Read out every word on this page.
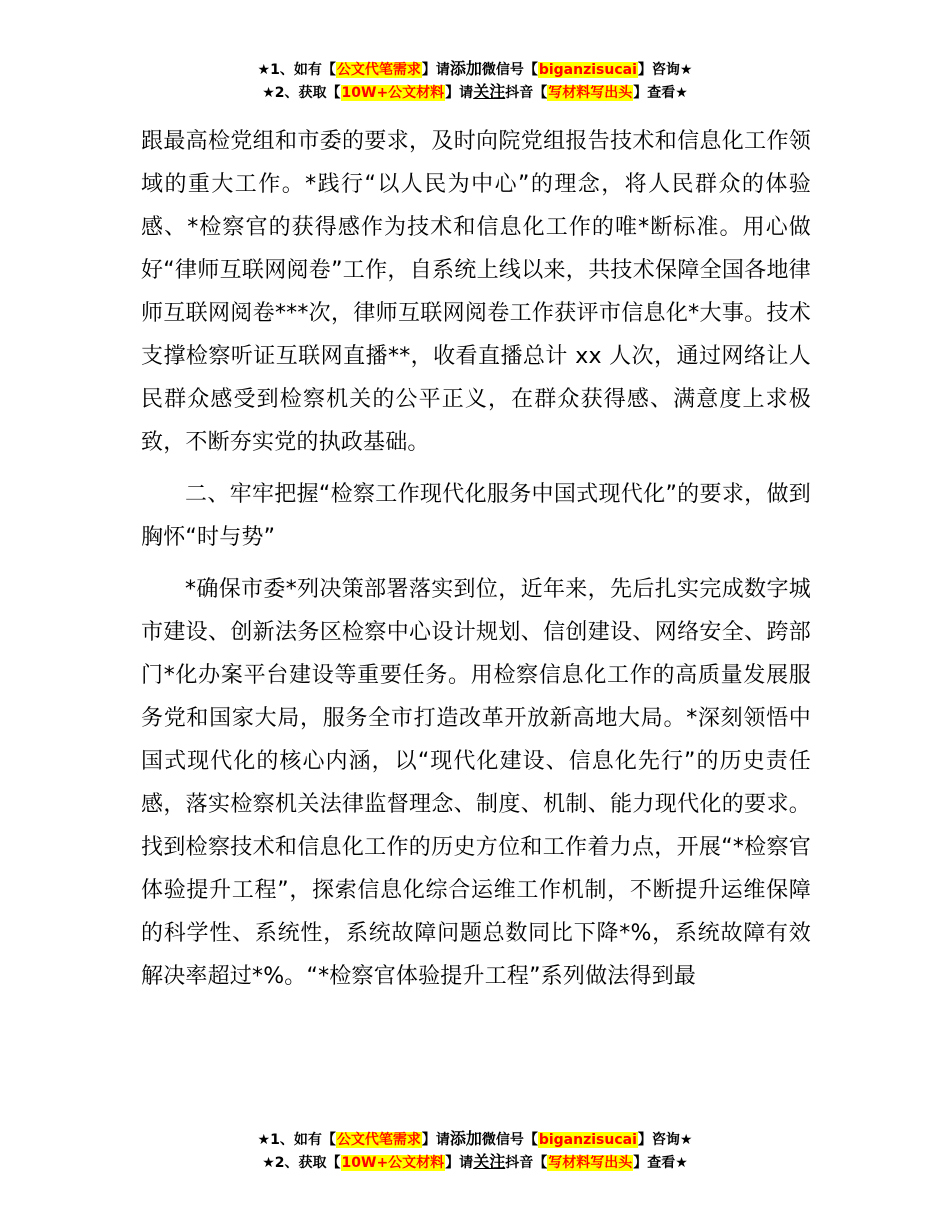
★1、如有【公文代笔需求】请添加微信号【biganzisucai】咨询★
★2、获取【10W+公文材料】请关注抖音【写材料写出头】查看★

跟最高检党组和市委的要求，及时向院党组报告技术和信息化工作领域的重大工作。*践行“以人民为中心”的理念，将人民群众的体验感、*检察官的获得感作为技术和信息化工作的唯*断标准。用心做好“律师互联网阅卷”工作，自系统上线以来，共技术保障全国各地律师互联网阅卷***次，律师互联网阅卷工作获评市信息化*大事。技术支撑检察听证互联网直播**，收看直播总计 xx 人次，通过网络让人民群众感受到检察机关的公平正义，在群众获得感、满意度上求极致，不断夯实党的执政基础。

二、牢牢把握“检察工作现代化服务中国式现代化”的要求，做到胸怀“时与势”

*确保市委*列决策部署落实到位，近年来，先后扎实完成数字城市建设、创新法务区检察中心设计规划、信创建设、网络安全、跨部门*化办案平台建设等重要任务。用检察信息化工作的高质量发展服务党和国家大局，服务全市打造改革开放新高地大局。*深刻领悟中国式现代化的核心内涵，以“现代化建设、信息化先行”的历史责任感，落实检察机关法律监督理念、制度、机制、能力现代化的要求。找到检察技术和信息化工作的历史方位和工作着力点，开展“*检察官体验提升工程”，探索信息化综合运维工作机制，不断提升运维保障的科学性、系统性，系统故障问题总数同比下降*%，系统故障有效解决率超过*%。“*检察官体验提升工程”系列做法得到最

★1、如有【公文代笔需求】请添加微信号【biganzisucai】咨询★
★2、获取【10W+公文材料】请关注抖音【写材料写出头】查看★
